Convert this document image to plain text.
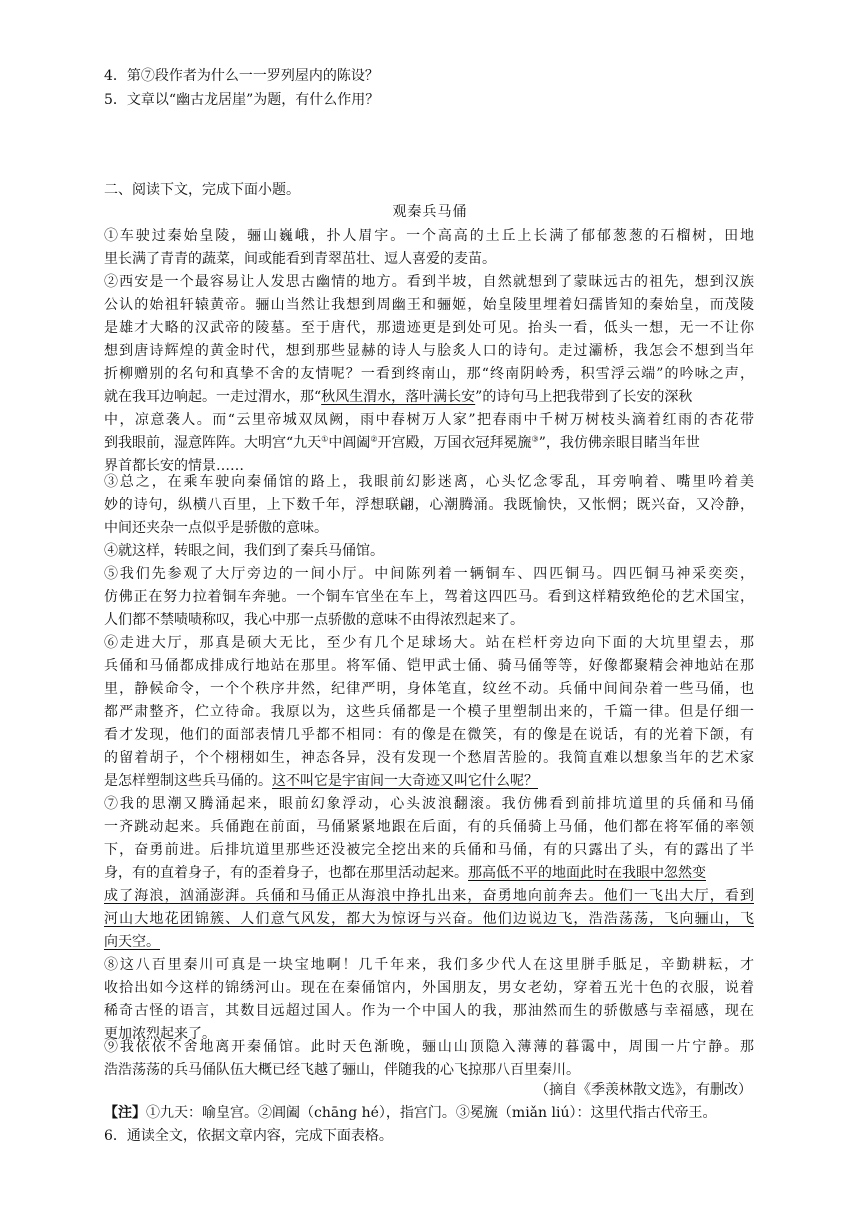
4．第⑦段作者为什么一一罗列屋内的陈设？
5．文章以“幽古龙居崖”为题，有什么作用？
二、阅读下文，完成下面小题。
观秦兵马俑
①车驶过秦始皇陵，骊山巍峨，扑人眉宇。一个高高的土丘上长满了郁郁葱葱的石榴树，田地
里长满了青青的蔬菜，间或能看到青翠茁壮、逗人喜爱的麦苗。
②西安是一个最容易让人发思古幽情的地方。看到半坡，自然就想到了蒙昧远古的祖先，想到汉族
公认的始祖轩辕黄帝。骊山当然让我想到周幽王和骊姬，始皇陵里埋着妇孺皆知的秦始皇，而茂陵
是雄才大略的汉武帝的陵墓。至于唐代，那遗迹更是到处可见。抬头一看，低头一想，无一不让你
想到唐诗辉煌的黄金时代，想到那些显赫的诗人与脍炙人口的诗句。走过灞桥，我怎会不想到当年
折柳赠别的名句和真挚不舍的友情呢？一看到终南山，那“终南阴岭秀，积雪浮云端”的吟咏之声，
就在我耳边响起。一走过渭水，那“秋风生渭水，落叶满长安”的诗句马上把我带到了长安的深秋
中，凉意袭人。而“云里帝城双凤阙，雨中春树万人家”把春雨中千树万树枝头滴着红雨的杏花带
到我眼前，湿意阵阵。大明宫“九天①中阊阖②开宫殿，万国衣冠拜冕旒③”，我仿佛亲眼目睹当年世
界首都长安的情景……
③总之，在乘车驶向秦俑馆的路上，我眼前幻影迷离，心头忆念零乱，耳旁响着、嘴里吟着美
妙的诗句，纵横八百里，上下数千年，浮想联翩，心潮腾涌。我既愉快，又怅惘；既兴奋，又冷静，
中间还夹杂一点似乎是骄傲的意味。
④就这样，转眼之间，我们到了秦兵马俑馆。
⑤我们先参观了大厅旁边的一间小厅。中间陈列着一辆铜车、四匹铜马。四匹铜马神采奕奕，
仿佛正在努力拉着铜车奔驰。一个铜车官坐在车上，驾着这四匹马。看到这样精致绝伦的艺术国宝，
人们都不禁啧啧称叹，我心中那一点骄傲的意味不由得浓烈起来了。
⑥走进大厅，那真是硕大无比，至少有几个足球场大。站在栏杆旁边向下面的大坑里望去，那
兵俑和马俑都成排成行地站在那里。将军俑、铠甲武士俑、骑马俑等等，好像都聚精会神地站在那
里，静候命令，一个个秩序井然，纪律严明，身体笔直，纹丝不动。兵俑中间间杂着一些马俑，也
都严肃整齐，伫立待命。我原以为，这些兵俑都是一个模子里塑制出来的，千篇一律。但是仔细一
看才发现，他们的面部表情几乎都不相同：有的像是在微笑，有的像是在说话，有的光着下颌，有
的留着胡子，个个栩栩如生，神态各异，没有发现一个愁眉苦脸的。我简直难以想象当年的艺术家
是怎样塑制这些兵马俑的。这不叫它是宇宙间一大奇迹又叫它什么呢？
⑦我的思潮又腾涌起来，眼前幻象浮动，心头波浪翻滚。我仿佛看到前排坑道里的兵俑和马俑
一齐跳动起来。兵俑跑在前面，马俑紧紧地跟在后面，有的兵俑骑上马俑，他们都在将军俑的率领
下，奋勇前进。后排坑道里那些还没被完全挖出来的兵俑和马俑，有的只露出了头，有的露出了半
身，有的直着身子，有的歪着身子，也都在那里活动起来。那高低不平的地面此时在我眼中忽然变
成了海浪，汹涌澎湃。兵俑和马俑正从海浪中挣扎出来，奋勇地向前奔去。他们一飞出大厅，看到
河山大地花团锦簇、人们意气风发，都大为惊讶与兴奋。他们边说边飞，浩浩荡荡，飞向骊山，飞
向天空。
⑧这八百里秦川可真是一块宝地啊！几千年来，我们多少代人在这里胼手胝足，辛勤耕耘，才
收拾出如今这样的锦绣河山。现在在秦俑馆内，外国朋友，男女老幼，穿着五光十色的衣服，说着
稀奇古怪的语言，其数目远超过国人。作为一个中国人的我，那油然而生的骄傲感与幸福感，现在
更加浓烈起来了。
⑨我依依不舍地离开秦俑馆。此时天色渐晚，骊山山顶隐入薄薄的暮霭中，周围一片宁静。那
浩浩荡荡的兵马俑队伍大概已经飞越了骊山，伴随我的心飞掠那八百里秦川。
（摘自《季羡林散文选》，有删改）
【注】①九天：喻皇宫。②阊阖（chāng hé），指宫门。③冕旒（miǎn liú）：这里代指古代帝王。
6．通读全文，依据文章内容，完成下面表格。
